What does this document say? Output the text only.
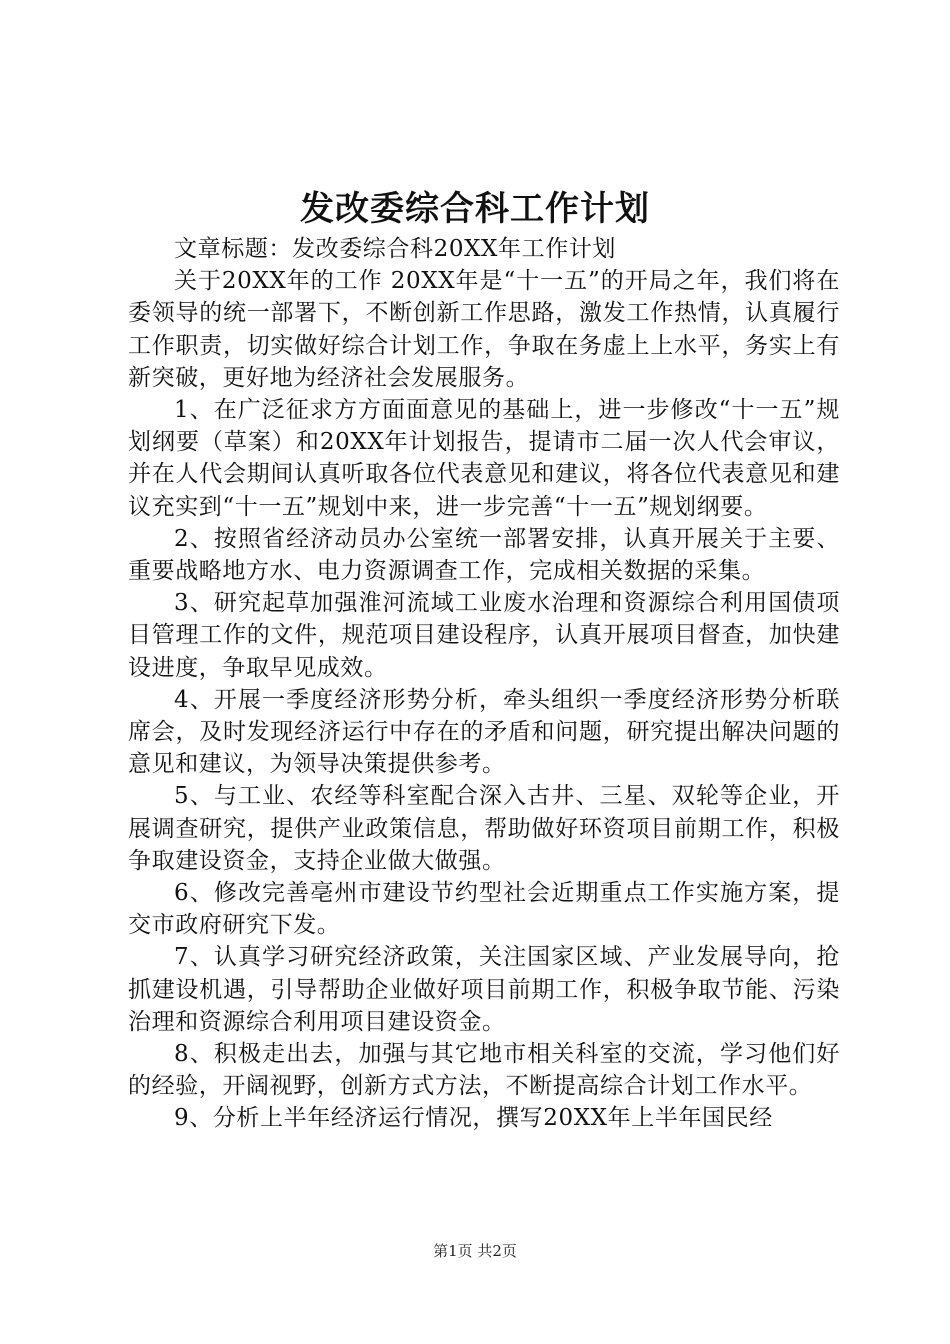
发改委综合科工作计划

文章标题：发改委综合科20XX年工作计划

关于20XX年的工作 20XX年是“十一五”的开局之年，我们将在委领导的统一部署下，不断创新工作思路，激发工作热情，认真履行工作职责，切实做好综合计划工作，争取在务虚上上水平，务实上有新突破，更好地为经济社会发展服务。

1、在广泛征求方方面面意见的基础上，进一步修改“十一五”规划纲要（草案）和20XX年计划报告，提请市二届一次人代会审议，并在人代会期间认真听取各位代表意见和建议，将各位代表意见和建议充实到“十一五”规划中来，进一步完善“十一五”规划纲要。

2、按照省经济动员办公室统一部署安排，认真开展关于主要、重要战略地方水、电力资源调查工作，完成相关数据的采集。

3、研究起草加强淮河流域工业废水治理和资源综合利用国债项目管理工作的文件，规范项目建设程序，认真开展项目督查，加快建设进度，争取早见成效。

4、开展一季度经济形势分析，牵头组织一季度经济形势分析联席会，及时发现经济运行中存在的矛盾和问题，研究提出解决问题的意见和建议，为领导决策提供参考。

5、与工业、农经等科室配合深入古井、三星、双轮等企业，开展调查研究，提供产业政策信息，帮助做好环资项目前期工作，积极争取建设资金，支持企业做大做强。

6、修改完善亳州市建设节约型社会近期重点工作实施方案，提交市政府研究下发。

7、认真学习研究经济政策，关注国家区域、产业发展导向，抢抓建设机遇，引导帮助企业做好项目前期工作，积极争取节能、污染治理和资源综合利用项目建设资金。

8、积极走出去，加强与其它地市相关科室的交流，学习他们好的经验，开阔视野，创新方式方法，不断提高综合计划工作水平。

9、分析上半年经济运行情况，撰写20XX年上半年国民经

第1页 共2页
